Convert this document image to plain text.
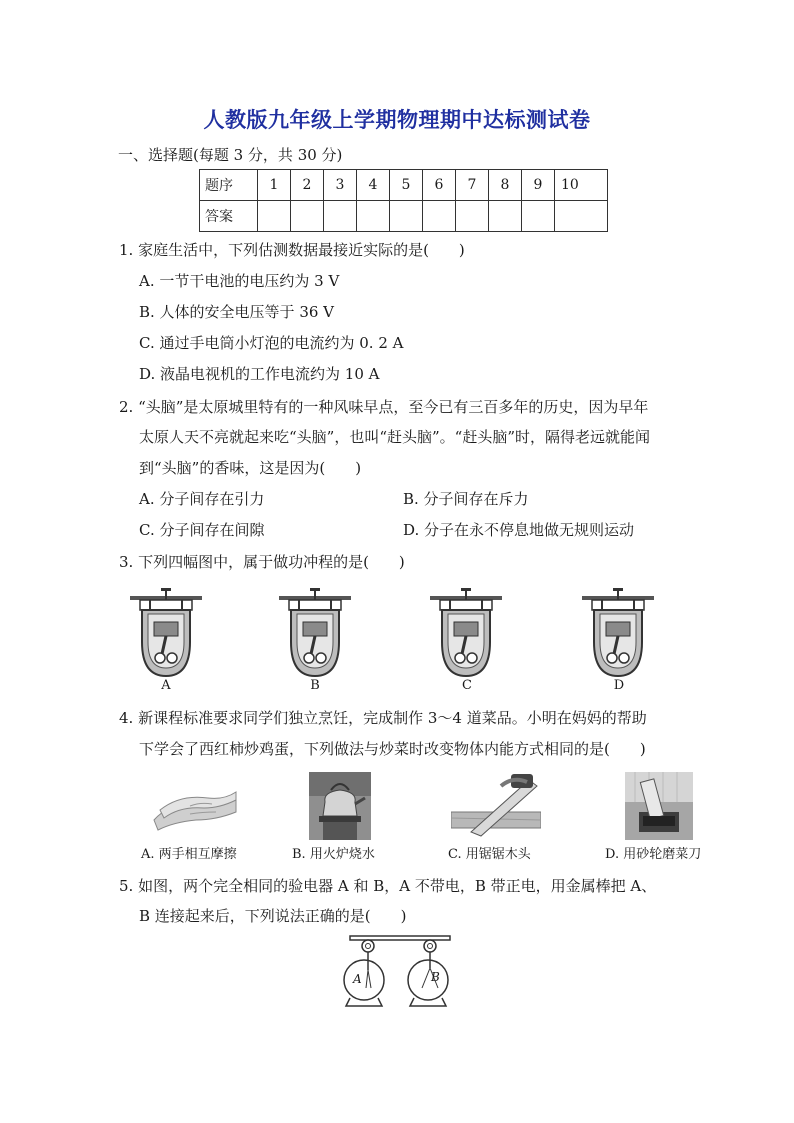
人教版九年级上学期物理期中达标测试卷
一、选择题(每题 3 分，共 30 分)
题序	1	2	3	4	5	6	7	8	9	10
答案										
1. 家庭生活中，下列估测数据最接近实际的是(　　)
A. 一节干电池的电压约为 3 V
B. 人体的安全电压等于 36 V
C. 通过手电筒小灯泡的电流约为 0. 2 A
D. 液晶电视机的工作电流约为 10 A
2. “头脑”是太原城里特有的一种风味早点，至今已有三百多年的历史，因为早年
太原人天不亮就起来吃“头脑”，也叫“赶头脑”。“赶头脑”时，隔得老远就能闻
到“头脑”的香味，这是因为(　　)
A. 分子间存在引力	B. 分子间存在斥力
C. 分子间存在间隙	D. 分子在永不停息地做无规则运动
3. 下列四幅图中，属于做功冲程的是(　　)
A	B	C	D
4. 新课程标准要求同学们独立烹饪，完成制作 3～4 道菜品。小明在妈妈的帮助
下学会了西红柿炒鸡蛋，下列做法与炒菜时改变物体内能方式相同的是(　　)
A. 两手相互摩擦	B. 用火炉烧水	C. 用锯锯木头	D. 用砂轮磨菜刀
5. 如图，两个完全相同的验电器 A 和 B，A 不带电，B 带正电，用金属棒把 A、
B 连接起来后，下列说法正确的是(　　)
A	B
